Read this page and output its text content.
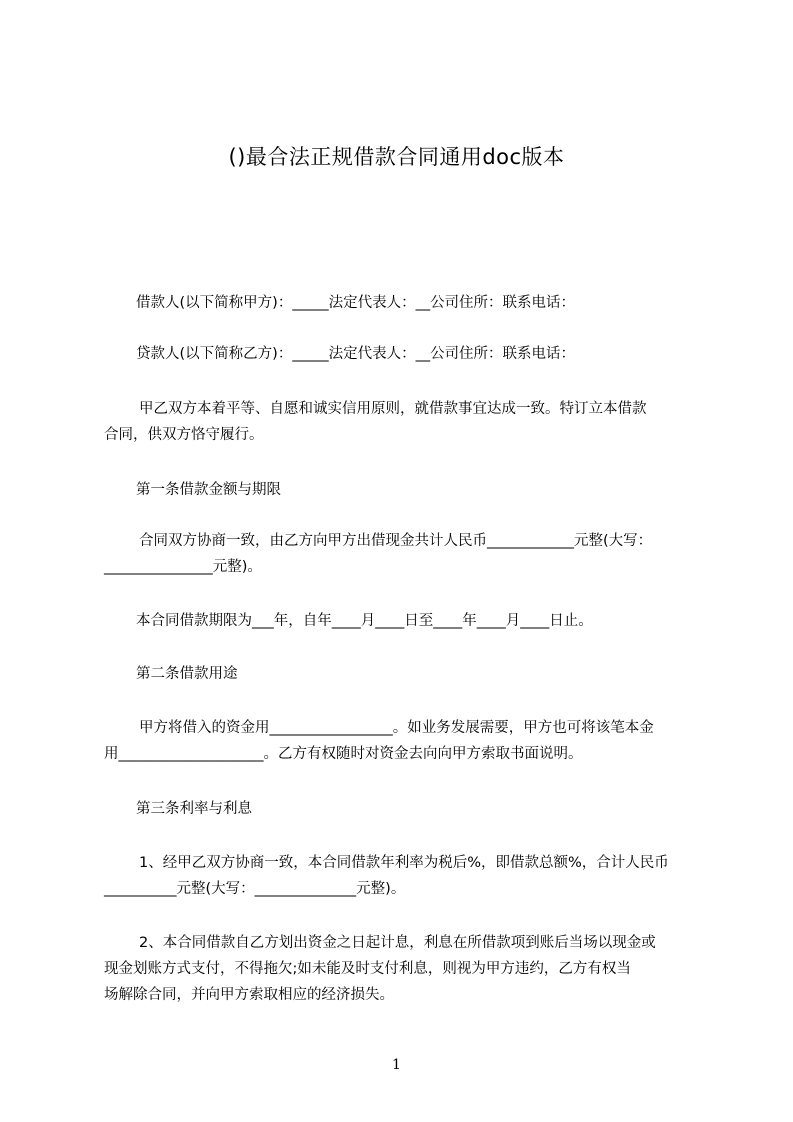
()最合法正规借款合同通用doc版本
借款人(以下简称甲方)：_____法定代表人：__公司住所：联系电话：
贷款人(以下简称乙方)：_____法定代表人：__公司住所：联系电话：
甲乙双方本着平等、自愿和诚实信用原则，就借款事宜达成一致。特订立本借款
合同，供双方恪守履行。
第一条借款金额与期限
合同双方协商一致，由乙方向甲方出借现金共计人民币____________元整(大写：
_______________元整)。
本合同借款期限为___年，自年____月____日至____年____月____日止。
第二条借款用途
甲方将借入的资金用_________________。如业务发展需要，甲方也可将该笔本金
用____________________。乙方有权随时对资金去向向甲方索取书面说明。
第三条利率与利息
1、经甲乙双方协商一致，本合同借款年利率为税后%，即借款总额%，合计人民币
__________元整(大写：______________元整)。
2、本合同借款自乙方划出资金之日起计息，利息在所借款项到账后当场以现金或
现金划账方式支付，不得拖欠;如未能及时支付利息，则视为甲方违约，乙方有权当
场解除合同，并向甲方索取相应的经济损失。
1
